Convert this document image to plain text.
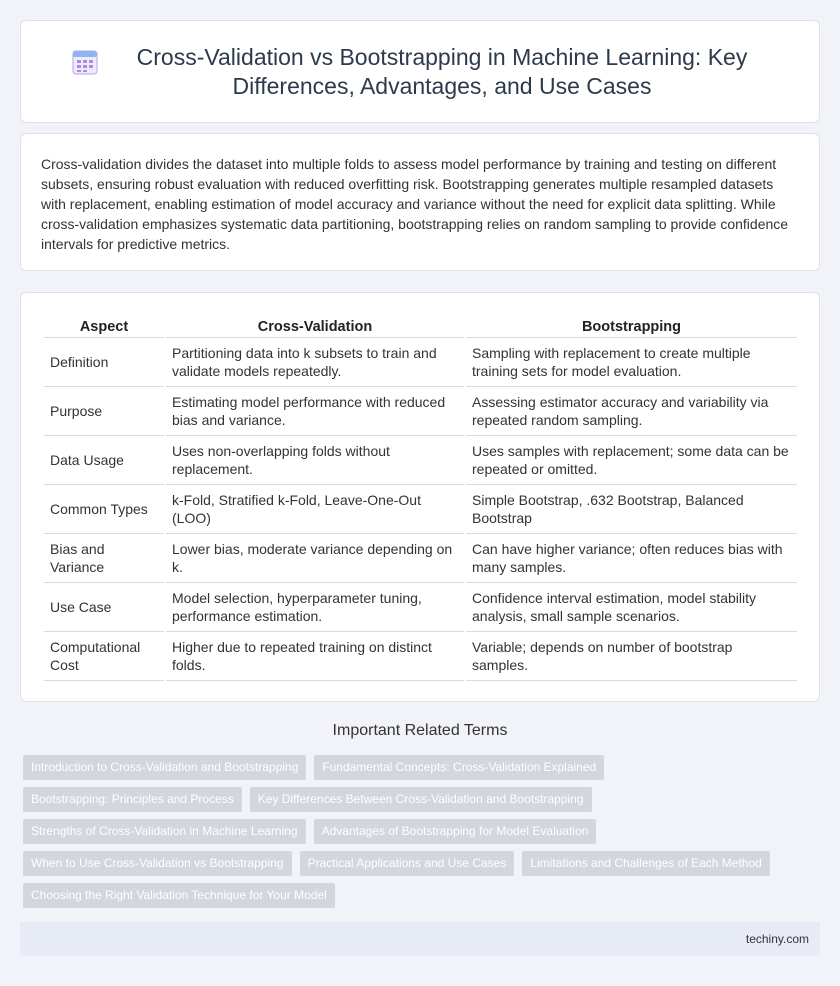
Cross-Validation vs Bootstrapping in Machine Learning: Key Differences, Advantages, and Use Cases

Cross-validation divides the dataset into multiple folds to assess model performance by training and testing on different subsets, ensuring robust evaluation with reduced overfitting risk. Bootstrapping generates multiple resampled datasets with replacement, enabling estimation of model accuracy and variance without the need for explicit data splitting. While cross-validation emphasizes systematic data partitioning, bootstrapping relies on random sampling to provide confidence intervals for predictive metrics.

Aspect	Cross-Validation	Bootstrapping
Definition	Partitioning data into k subsets to train and validate models repeatedly.	Sampling with replacement to create multiple training sets for model evaluation.
Purpose	Estimating model performance with reduced bias and variance.	Assessing estimator accuracy and variability via repeated random sampling.
Data Usage	Uses non-overlapping folds without replacement.	Uses samples with replacement; some data can be repeated or omitted.
Common Types	k-Fold, Stratified k-Fold, Leave-One-Out (LOO)	Simple Bootstrap, .632 Bootstrap, Balanced Bootstrap
Bias and Variance	Lower bias, moderate variance depending on k.	Can have higher variance; often reduces bias with many samples.
Use Case	Model selection, hyperparameter tuning, performance estimation.	Confidence interval estimation, model stability analysis, small sample scenarios.
Computational Cost	Higher due to repeated training on distinct folds.	Variable; depends on number of bootstrap samples.
Important Related Terms
Introduction to Cross-Validation and Bootstrapping	Fundamental Concepts: Cross-Validation Explained
Bootstrapping: Principles and Process	Key Differences Between Cross-Validation and Bootstrapping
Strengths of Cross-Validation in Machine Learning	Advantages of Bootstrapping for Model Evaluation
When to Use Cross-Validation vs Bootstrapping	Practical Applications and Use Cases	Limitations and Challenges of Each Method
Choosing the Right Validation Technique for Your Model
techiny.com
